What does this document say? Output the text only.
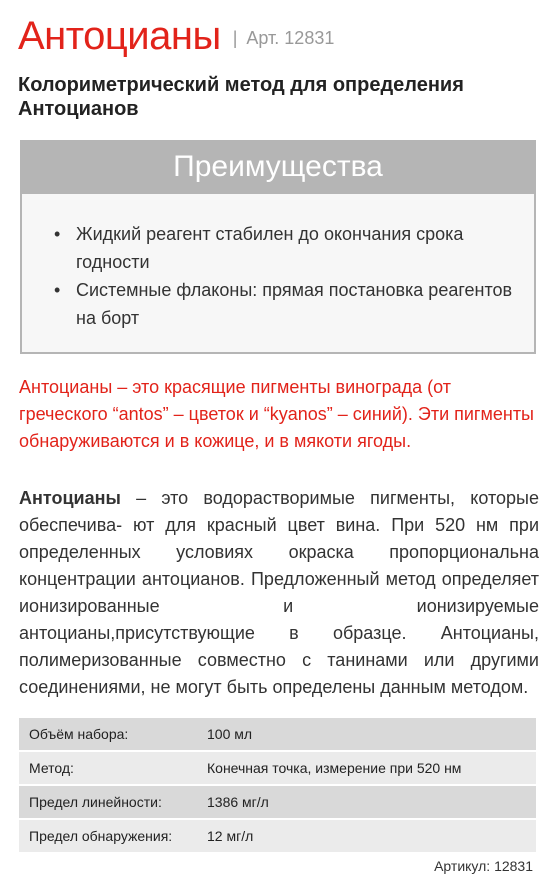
Антоцианы | Арт. 12831
Колориметрический метод для определения Антоцианов
Преимущества
• Жидкий реагент стабилен до окончания срока годности
• Системные флаконы: прямая постановка реагентов на борт

Антоцианы – это красящие пигменты винограда (от греческого “antos” – цветок и “kyanos” – синий). Эти пигменты обнаруживаются и в кожице, и в мякоти ягоды.

Антоцианы – это водорастворимые пигменты, которые обеспечива- ют для красный цвет вина. При 520 нм при определенных условиях окраска пропорциональна концентрации антоцианов. Предложенный метод определяет ионизированные и ионизируемые антоцианы,присутствующие в образце. Антоцианы, полимеризованные совместно с танинами или другими соединениями, не могут быть определены данным методом.

Объём набора:	100 мл
Метод:	Конечная точка, измерение при 520 нм
Предел линейности:	1386 мг/л
Предел обнаружения:	12 мг/л
Артикул: 12831
